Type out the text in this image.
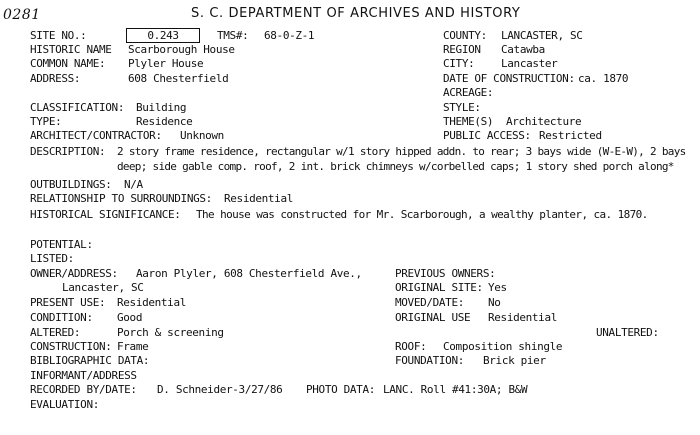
0281	S. C. DEPARTMENT OF ARCHIVES AND HISTORY
SITE NO.:	0.243	TMS#: 68-0-Z-1	COUNTY: LANCASTER, SC
HISTORIC NAME Scarborough House	REGION Catawba
COMMON NAME: Plyler House	CITY: Lancaster
ADDRESS:	608 Chesterfield	DATE OF CONSTRUCTION: ca. 1870
ACREAGE:
CLASSIFICATION: Building	STYLE:
TYPE:	Residence	THEME(S) Architecture
ARCHITECT/CONTRACTOR: Unknown	PUBLIC ACCESS: Restricted
DESCRIPTION: 2 story frame residence, rectangular w/1 story hipped addn. to rear; 3 bays wide (W-E-W), 2 bays
deep; side gable comp. roof, 2 int. brick chimneys w/corbelled caps; 1 story shed porch along*
OUTBUILDINGS: N/A
RELATIONSHIP TO SURROUNDINGS: Residential
HISTORICAL SIGNIFICANCE: The house was constructed for Mr. Scarborough, a wealthy planter, ca. 1870.
POTENTIAL:
LISTED:
OWNER/ADDRESS: Aaron Plyler, 608 Chesterfield Ave.,
Lancaster, SC
PREVIOUS OWNERS:
ORIGINAL SITE: Yes
PRESENT USE: Residential	MOVED/DATE: No
CONDITION: Good	ORIGINAL USE Residential
ALTERED:	Porch & screening	UNALTERED:
CONSTRUCTION: Frame	ROOF: Composition shingle
BIBLIOGRAPHIC DATA:	FOUNDATION: Brick pier
INFORMANT/ADDRESS
RECORDED BY/DATE: D. Schneider-3/27/86 PHOTO DATA: LANC. Roll #41:30A; B&W
EVALUATION:
